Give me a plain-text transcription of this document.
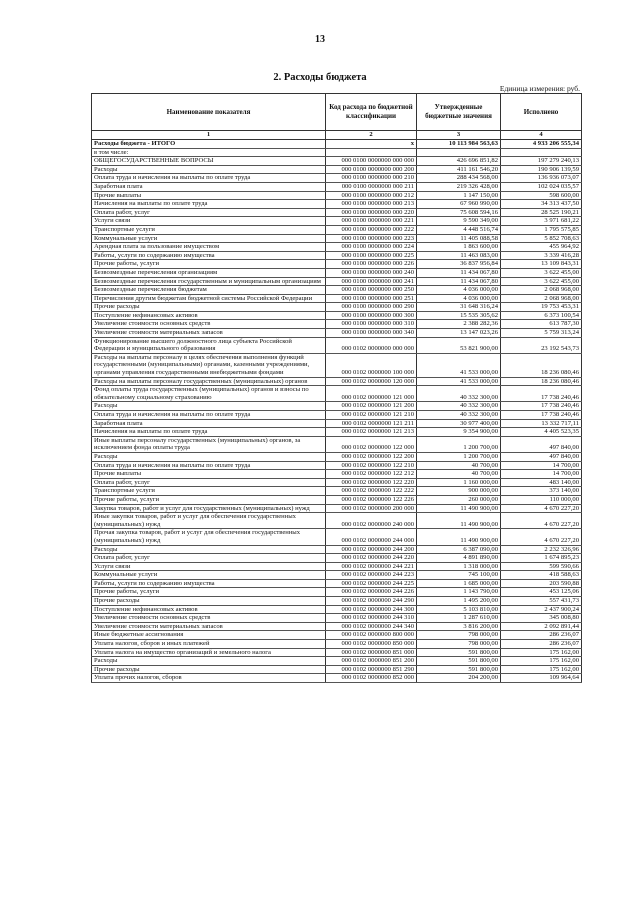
13
2. Расходы бюджета
Единица измерения: руб.
Наименование показателя	Код расхода по бюджетной классификации	Утвержденные бюджетные значения	Исполнено
1	2	3	4
Расходы бюджета - ИТОГО	x	10 113 984 563,63	4 933 206 555,34
в том числе:			
ОБЩЕГОСУДАРСТВЕННЫЕ ВОПРОСЫ	000 0100 0000000 000 000	426 696 851,82	197 279 240,13
Расходы	000 0100 0000000 000 200	411 161 546,20	190 906 139,59
Оплата труда и начисления на выплаты по оплате труда	000 0100 0000000 000 210	288 434 568,00	136 936 073,07
Заработная плата	000 0100 0000000 000 211	219 326 428,00	102 024 035,57
Прочие выплаты	000 0100 0000000 000 212	1 147 150,00	598 600,00
Начисления на выплаты по оплате труда	000 0100 0000000 000 213	67 960 990,00	34 313 437,50
Оплата работ, услуг	000 0100 0000000 000 220	75 608 594,16	28 525 190,21
Услуги связи	000 0100 0000000 000 221	9 590 349,00	3 971 681,22
Транспортные услуги	000 0100 0000000 000 222	4 448 516,74	1 795 575,85
Коммунальные услуги	000 0100 0000000 000 223	11 405 088,58	5 852 708,63
Арендная плата за пользование имуществом	000 0100 0000000 000 224	1 863 600,00	455 964,92
Работы, услуги по содержанию имущества	000 0100 0000000 000 225	11 463 083,00	3 339 416,28
Прочие работы, услуги	000 0100 0000000 000 226	36 837 956,84	13 109 843,31
Безвозмездные перечисления организациям	000 0100 0000000 000 240	11 434 067,80	3 622 455,00
Безвозмездные перечисления государственным и муниципальным организациям	000 0100 0000000 000 241	11 434 067,80	3 622 455,00
Безвозмездные перечисления бюджетам	000 0100 0000000 000 250	4 036 000,00	2 068 968,00
Перечисления другим бюджетам бюджетной системы Российской Федерации	000 0100 0000000 000 251	4 036 000,00	2 068 968,00
Прочие расходы	000 0100 0000000 000 290	31 648 316,24	19 753 453,31
Поступление нефинансовых активов	000 0100 0000000 000 300	15 535 305,62	6 373 100,54
Увеличение стоимости основных средств	000 0100 0000000 000 310	2 388 282,36	613 787,30
Увеличение стоимости материальных запасов	000 0100 0000000 000 340	13 147 023,26	5 759 313,24
Функционирование высшего должностного лица субъекта Российской Федерации и муниципального образования	000 0102 0000000 000 000	53 821 900,00	23 192 543,73
Расходы на выплаты персоналу в целях обеспечения выполнения функций государственными (муниципальными) органами, казенными учреждениями, органами управления государственными внебюджетными фондами	000 0102 0000000 100 000	41 533 000,00	18 236 080,46
Расходы на выплаты персоналу государственных (муниципальных) органов	000 0102 0000000 120 000	41 533 000,00	18 236 080,46
Фонд оплаты труда государственных (муниципальных) органов и взносы по обязательному социальному страхованию	000 0102 0000000 121 000	40 332 300,00	17 738 240,46
Расходы	000 0102 0000000 121 200	40 332 300,00	17 738 240,46
Оплата труда и начисления на выплаты по оплате труда	000 0102 0000000 121 210	40 332 300,00	17 738 240,46
Заработная плата	000 0102 0000000 121 211	30 977 400,00	13 332 717,11
Начисления на выплаты по оплате труда	000 0102 0000000 121 213	9 354 900,00	4 405 523,35
Иные выплаты персоналу государственных (муниципальных) органов, за исключением фонда оплаты труда	000 0102 0000000 122 000	1 200 700,00	497 840,00
Расходы	000 0102 0000000 122 200	1 200 700,00	497 840,00
Оплата труда и начисления на выплаты по оплате труда	000 0102 0000000 122 210	40 700,00	14 700,00
Прочие выплаты	000 0102 0000000 122 212	40 700,00	14 700,00
Оплата работ, услуг	000 0102 0000000 122 220	1 160 000,00	483 140,00
Транспортные услуги	000 0102 0000000 122 222	900 000,00	373 140,00
Прочие работы, услуги	000 0102 0000000 122 226	260 000,00	110 000,00
Закупка товаров, работ и услуг для государственных (муниципальных) нужд	000 0102 0000000 200 000	11 490 900,00	4 670 227,20
Иные закупки товаров, работ и услуг для обеспечения государственных (муниципальных) нужд	000 0102 0000000 240 000	11 490 900,00	4 670 227,20
Прочая закупка товаров, работ и услуг для обеспечения государственных (муниципальных) нужд	000 0102 0000000 244 000	11 490 900,00	4 670 227,20
Расходы	000 0102 0000000 244 200	6 387 090,00	2 232 326,96
Оплата работ, услуг	000 0102 0000000 244 220	4 891 890,00	1 674 895,23
Услуги связи	000 0102 0000000 244 221	1 318 000,00	599 590,66
Коммунальные услуги	000 0102 0000000 244 223	745 100,00	418 588,63
Работы, услуги по содержанию имущества	000 0102 0000000 244 225	1 685 000,00	203 590,88
Прочие работы, услуги	000 0102 0000000 244 226	1 143 790,00	453 125,06
Прочие расходы	000 0102 0000000 244 290	1 495 200,00	557 431,73
Поступление нефинансовых активов	000 0102 0000000 244 300	5 103 810,00	2 437 900,24
Увеличение стоимости основных средств	000 0102 0000000 244 310	1 287 610,00	345 008,80
Увеличение стоимости материальных запасов	000 0102 0000000 244 340	3 816 200,00	2 092 891,44
Иные бюджетные ассигнования	000 0102 0000000 800 000	798 000,00	286 236,07
Уплата налогов, сборов и иных платежей	000 0102 0000000 850 000	798 000,00	286 236,07
Уплата налога на имущество организаций и земельного налога	000 0102 0000000 851 000	591 800,00	175 162,00
Расходы	000 0102 0000000 851 200	591 800,00	175 162,00
Прочие расходы	000 0102 0000000 851 290	591 800,00	175 162,00
Уплата прочих налогов, сборов	000 0102 0000000 852 000	204 200,00	109 964,64
